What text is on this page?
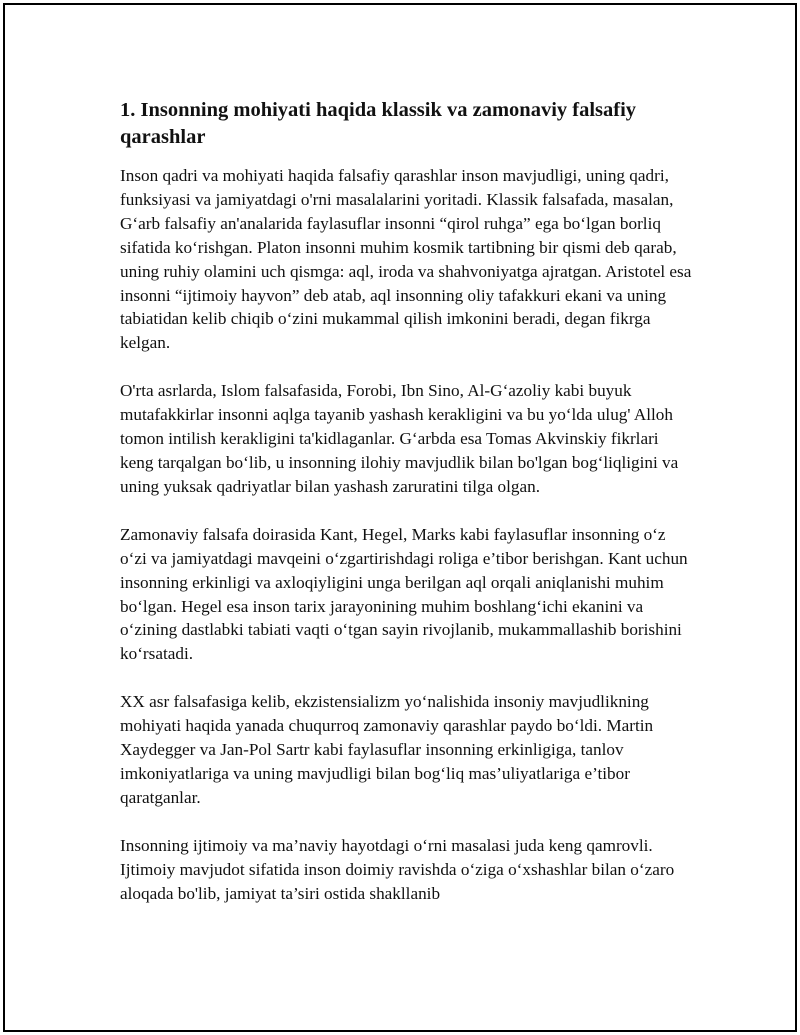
1. Insonning mohiyati haqida klassik va zamonaviy falsafiy qarashlar

Inson qadri va mohiyati haqida falsafiy qarashlar inson mavjudligi, uning qadri, funksiyasi va jamiyatdagi o'rni masalalarini yoritadi. Klassik falsafada, masalan, G‘arb falsafiy an'analarida faylasuflar insonni “qirol ruhga” ega bo‘lgan borliq sifatida ko‘rishgan. Platon insonni muhim kosmik tartibning bir qismi deb qarab, uning ruhiy olamini uch qismga: aql, iroda va shahvoniyatga ajratgan. Aristotel esa insonni “ijtimoiy hayvon” deb atab, aql insonning oliy tafakkuri ekani va uning tabiatidan kelib chiqib o‘zini mukammal qilish imkonini beradi, degan fikrga kelgan.

O'rta asrlarda, Islom falsafasida, Forobi, Ibn Sino, Al-G‘azoliy kabi buyuk mutafakkirlar insonni aqlga tayanib yashash kerakligini va bu yo‘lda ulug' Alloh tomon intilish kerakligini ta'kidlaganlar. G‘arbda esa Tomas Akvinskiy fikrlari keng tarqalgan bo‘lib, u insonning ilohiy mavjudlik bilan bo'lgan bog‘liqligini va uning yuksak qadriyatlar bilan yashash zaruratini tilga olgan.

Zamonaviy falsafa doirasida Kant, Hegel, Marks kabi faylasuflar insonning o‘z o‘zi va jamiyatdagi mavqeini o‘zgartirishdagi roliga e’tibor berishgan. Kant uchun insonning erkinligi va axloqiyligini unga berilgan aql orqali aniqlanishi muhim bo‘lgan. Hegel esa inson tarix jarayonining muhim boshlang‘ichi ekanini va o‘zining dastlabki tabiati vaqti o‘tgan sayin rivojlanib, mukammallashib borishini ko‘rsatadi.

XX asr falsafasiga kelib, ekzistensializm yo‘nalishida insoniy mavjudlikning mohiyati haqida yanada chuqurroq zamonaviy qarashlar paydo bo‘ldi. Martin Xaydegger va Jan-Pol Sartr kabi faylasuflar insonning erkinligiga, tanlov imkoniyatlariga va uning mavjudligi bilan bog‘liq mas’uliyatlariga e’tibor qaratganlar.

Insonning ijtimoiy va ma’naviy hayotdagi o‘rni masalasi juda keng qamrovli. Ijtimoiy mavjudot sifatida inson doimiy ravishda o‘ziga o‘xshashlar bilan o‘zaro aloqada bo'lib, jamiyat ta’siri ostida shakllanib
